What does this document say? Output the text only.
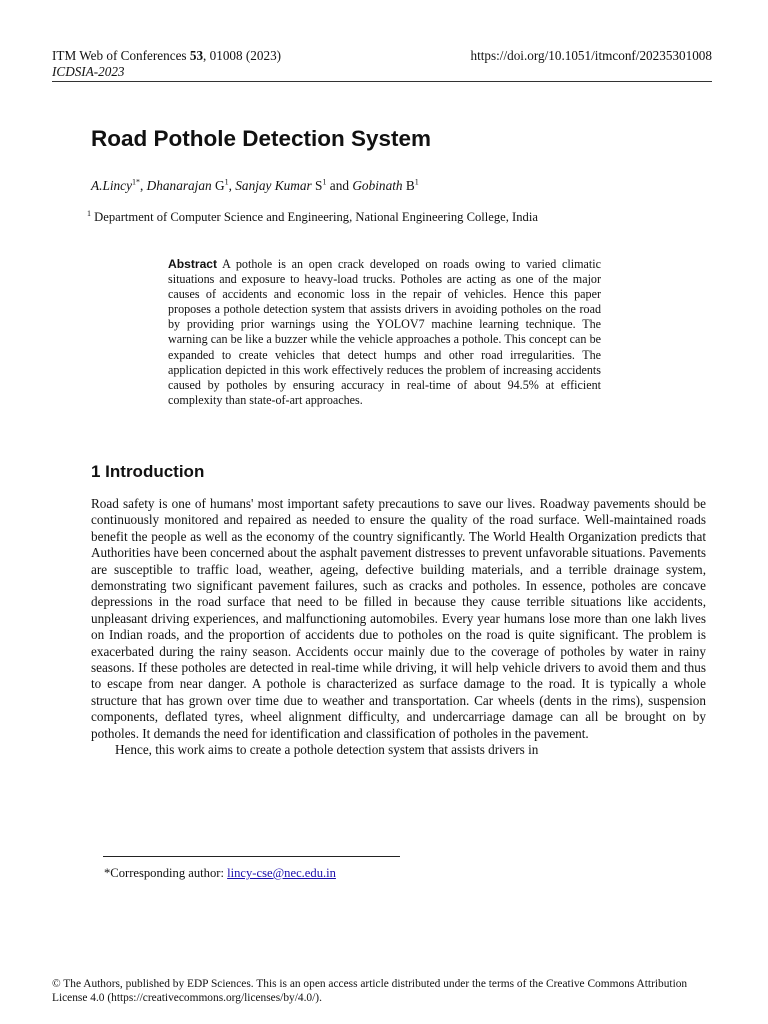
ITM Web of Conferences 53, 01008 (2023)
ICDSIA-2023
https://doi.org/10.1051/itmconf/20235301008
Road Pothole Detection System
A.Lincy$^{1*}$, Dhanarajan $G^1$, Sanjay Kumar $S^1$ and Gobinath $B^1$
$^1$ Department of Computer Science and Engineering, National Engineering College, India
Abstract A pothole is an open crack developed on roads owing to varied climatic situations and exposure to heavy-load trucks. Potholes are acting as one of the major causes of accidents and economic loss in the repair of vehicles. Hence this paper proposes a pothole detection system that assists drivers in avoiding potholes on the road by providing prior warnings using the YOLOV7 machine learning technique. The warning can be like a buzzer while the vehicle approaches a pothole. This concept can be expanded to create vehicles that detect humps and other road irregularities. The application depicted in this work effectively reduces the problem of increasing accidents caused by potholes by ensuring accuracy in real-time of about 94.5% at efficient complexity than state-of-art approaches.
1 Introduction

Road safety is one of humans' most important safety precautions to save our lives. Roadway pavements should be continuously monitored and repaired as needed to ensure the quality of the road surface. Well-maintained roads benefit the people as well as the economy of the country significantly. The World Health Organization predicts that Authorities have been concerned about the asphalt pavement distresses to prevent unfavorable situations. Pavements are susceptible to traffic load, weather, ageing, defective building materials, and a terrible drainage system, demonstrating two significant pavement failures, such as cracks and potholes. In essence, potholes are concave depressions in the road surface that need to be filled in because they cause terrible situations like accidents, unpleasant driving experiences, and malfunctioning automobiles. Every year humans lose more than one lakh lives on Indian roads, and the proportion of accidents due to potholes on the road is quite significant. The problem is exacerbated during the rainy season. Accidents occur mainly due to the coverage of potholes by water in rainy seasons. If these potholes are detected in real-time while driving, it will help vehicle drivers to avoid them and thus to escape from near danger. A pothole is characterized as surface damage to the road. It is typically a whole structure that has grown over time due to weather and transportation. Car wheels (dents in the rims), suspension components, deflated tyres, wheel alignment difficulty, and undercarriage damage can all be brought on by potholes. It demands the need for identification and classification of potholes in the pavement.

Hence, this work aims to create a pothole detection system that assists drivers in

*Corresponding author: lincy-cse@nec.edu.in
© The Authors, published by EDP Sciences. This is an open access article distributed under the terms of the Creative Commons Attribution License 4.0 (https://creativecommons.org/licenses/by/4.0/).
